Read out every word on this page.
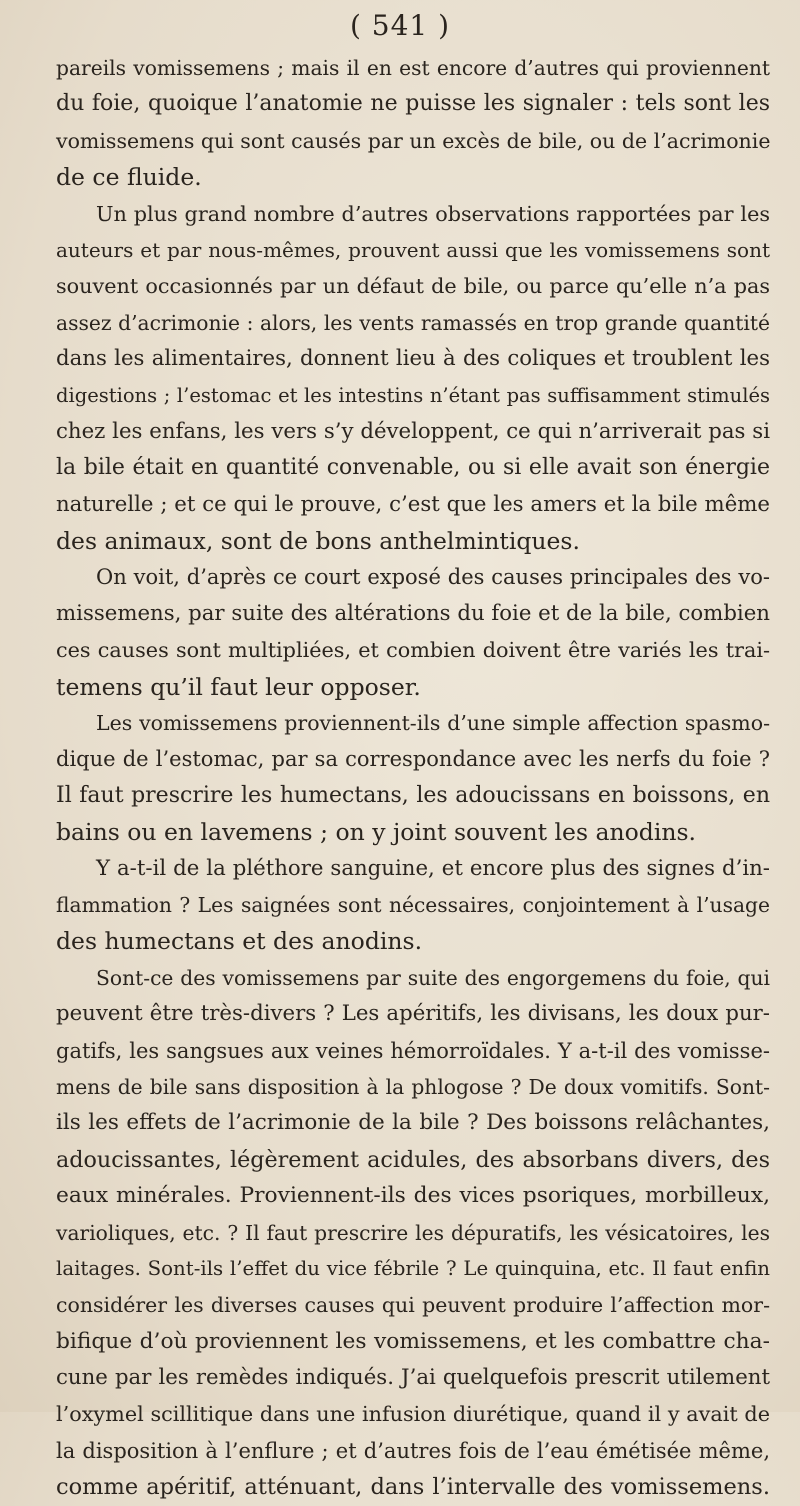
( 541 )
pareils vomissemens ; mais il en est encore d’autres qui proviennent
du foie, quoique l’anatomie ne puisse les signaler : tels sont les
vomissemens qui sont causés par un excès de bile, ou de l’acrimonie
de ce fluide.
Un plus grand nombre d’autres observations rapportées par les
auteurs et par nous-mêmes, prouvent aussi que les vomissemens sont
souvent occasionnés par un défaut de bile, ou parce qu’elle n’a pas
assez d’acrimonie : alors, les vents ramassés en trop grande quantité
dans les alimentaires, donnent lieu à des coliques et troublent les
digestions ; l’estomac et les intestins n’étant pas suffisamment stimulés
chez les enfans, les vers s’y développent, ce qui n’arriverait pas si
la bile était en quantité convenable, ou si elle avait son énergie
naturelle ; et ce qui le prouve, c’est que les amers et la bile même
des animaux, sont de bons anthelmintiques.
On voit, d’après ce court exposé des causes principales des vo-
missemens, par suite des altérations du foie et de la bile, combien
ces causes sont multipliées, et combien doivent être variés les trai-
temens qu’il faut leur opposer.
Les vomissemens proviennent-ils d’une simple affection spasmo-
dique de l’estomac, par sa correspondance avec les nerfs du foie ?
Il faut prescrire les humectans, les adoucissans en boissons, en
bains ou en lavemens ; on y joint souvent les anodins.
Y a-t-il de la pléthore sanguine, et encore plus des signes d’in-
flammation ? Les saignées sont nécessaires, conjointement à l’usage
des humectans et des anodins.
Sont-ce des vomissemens par suite des engorgemens du foie, qui
peuvent être très-divers ? Les apéritifs, les divisans, les doux pur-
gatifs, les sangsues aux veines hémorroïdales. Y a-t-il des vomisse-
mens de bile sans disposition à la phlogose ? De doux vomitifs. Sont-
ils les effets de l’acrimonie de la bile ? Des boissons relâchantes,
adoucissantes, légèrement acidules, des absorbans divers, des
eaux minérales. Proviennent-ils des vices psoriques, morbilleux,
varioliques, etc. ? Il faut prescrire les dépuratifs, les vésicatoires, les
laitages. Sont-ils l’effet du vice fébrile ? Le quinquina, etc. Il faut enfin
considérer les diverses causes qui peuvent produire l’affection mor-
bifique d’où proviennent les vomissemens, et les combattre cha-
cune par les remèdes indiqués. J’ai quelquefois prescrit utilement
l’oxymel scillitique dans une infusion diurétique, quand il y avait de
la disposition à l’enflure ; et d’autres fois de l’eau émétisée même,
comme apéritif, atténuant, dans l’intervalle des vomissemens.
